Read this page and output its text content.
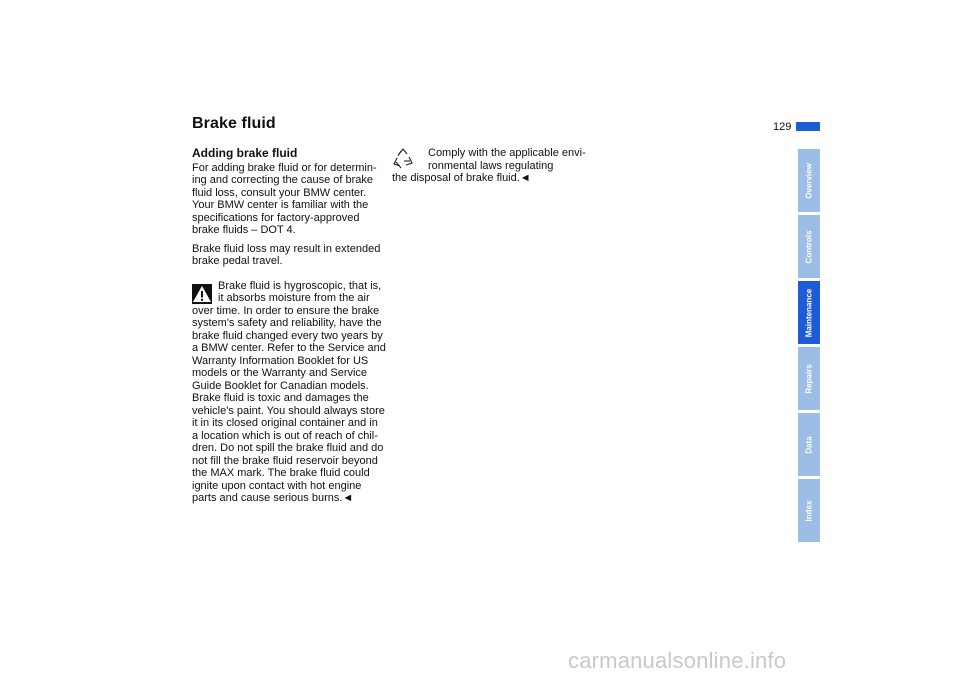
Brake fluid	129
Adding brake fluid
For adding brake fluid or for determin-ing and correcting the cause of brake fluid loss, consult your BMW center. Your BMW center is familiar with the specifications for factory-approved brake fluids – DOT 4.
Brake fluid loss may result in extended brake pedal travel.
Brake fluid is hygroscopic, that is, it absorbs moisture from the air
over time. In order to ensure the brake system's safety and reliability, have the brake fluid changed every two years by a BMW center. Refer to the Service and Warranty Information Booklet for US models or the Warranty and Service Guide Booklet for Canadian models. Brake fluid is toxic and damages the vehicle's paint. You should always store it in its closed original container and in a location which is out of reach of chil-dren. Do not spill the brake fluid and do not fill the brake fluid reservoir beyond the MAX mark. The brake fluid could ignite upon contact with hot engine parts and cause serious burns.◄
Comply with the applicable envi-ronmental laws regulating
the disposal of brake fluid.◄	Overview
Controls
Maintenance
Repairs
Data
Index
carmanualsonline.info
